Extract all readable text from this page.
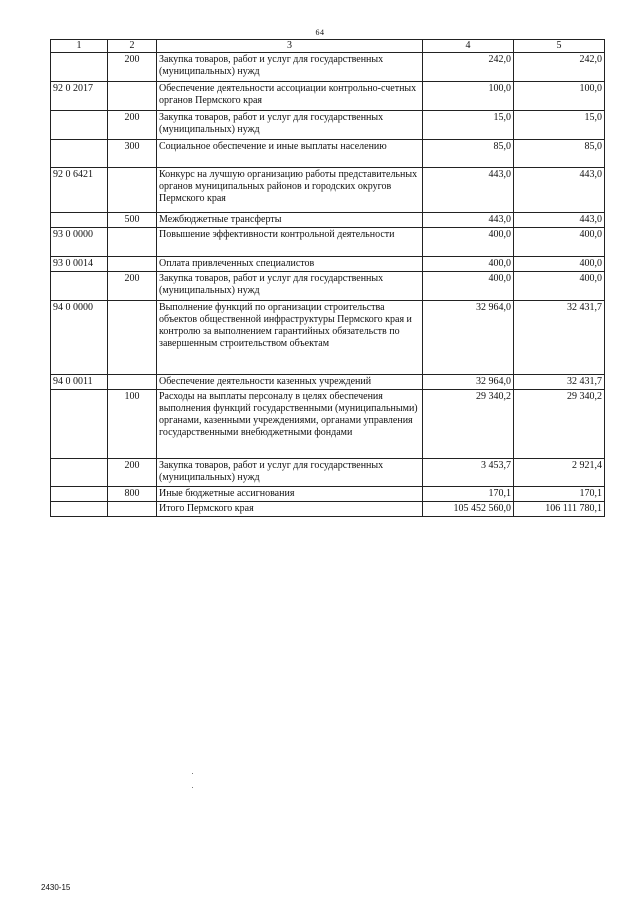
64
1	2	3	4	5
	200	Закупка товаров, работ и услуг для государственных (муниципальных) нужд	242,0	242,0
92 0 2017		Обеспечение деятельности ассоциации контрольно-счетных органов Пермского края	100,0	100,0
	200	Закупка товаров, работ и услуг для государственных (муниципальных) нужд	15,0	15,0
	300	Социальное обеспечение и иные выплаты населению	85,0	85,0
92 0 6421		Конкурс на лучшую организацию работы представительных органов муниципальных районов и городских округов Пермского края	443,0	443,0
	500	Межбюджетные трансферты	443,0	443,0
93 0 0000		Повышение эффективности контрольной деятельности	400,0	400,0
93 0 0014		Оплата привлеченных специалистов	400,0	400,0
	200	Закупка товаров, работ и услуг для государственных (муниципальных) нужд	400,0	400,0
94 0 0000		Выполнение функций по организации строительства объектов общественной инфраструктуры Пермского края и контролю за выполнением гарантийных обязательств по завершенным строительством объектам	32 964,0	32 431,7
94 0 0011		Обеспечение деятельности казенных учреждений	32 964,0	32 431,7
	100	Расходы на выплаты персоналу в целях обеспечения выполнения функций государственными (муниципальными) органами, казенными учреждениями, органами управления государственными внебюджетными фондами	29 340,2	29 340,2
	200	Закупка товаров, работ и услуг для государственных (муниципальных) нужд	3 453,7	2 921,4
	800	Иные бюджетные ассигнования	170,1	170,1
		Итого Пермского края	105 452 560,0	106 111 780,1
2430-15
